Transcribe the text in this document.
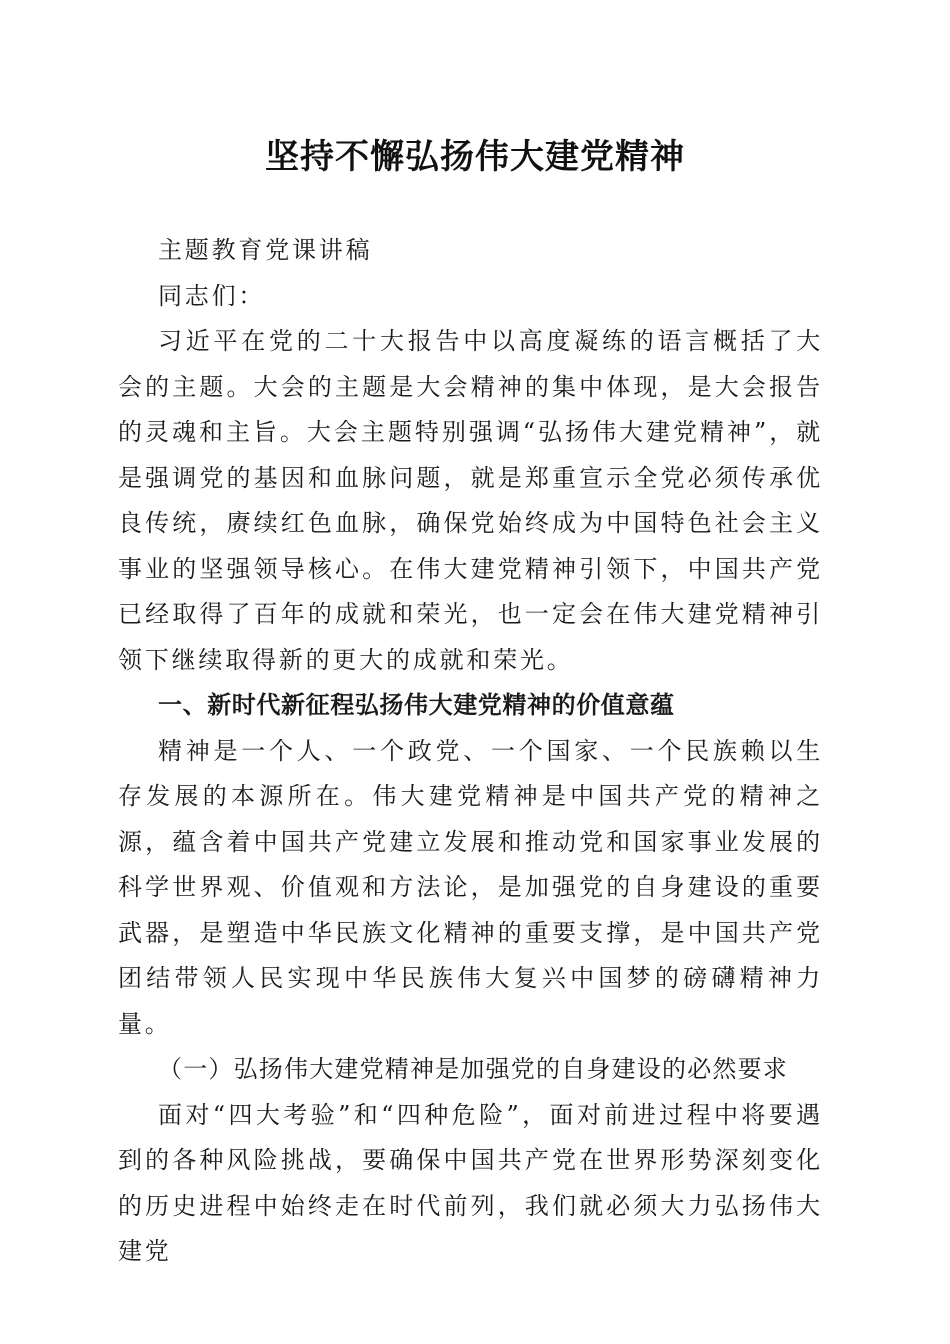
坚持不懈弘扬伟大建党精神

主题教育党课讲稿

同志们：

习近平在党的二十大报告中以高度凝练的语言概括了大会的主题。大会的主题是大会精神的集中体现，是大会报告的灵魂和主旨。大会主题特别强调“弘扬伟大建党精神”，就是强调党的基因和血脉问题，就是郑重宣示全党必须传承优良传统，赓续红色血脉，确保党始终成为中国特色社会主义事业的坚强领导核心。在伟大建党精神引领下，中国共产党已经取得了百年的成就和荣光，也一定会在伟大建党精神引领下继续取得新的更大的成就和荣光。

一、新时代新征程弘扬伟大建党精神的价值意蕴

精神是一个人、一个政党、一个国家、一个民族赖以生存发展的本源所在。伟大建党精神是中国共产党的精神之源，蕴含着中国共产党建立发展和推动党和国家事业发展的科学世界观、价值观和方法论，是加强党的自身建设的重要武器，是塑造中华民族文化精神的重要支撑，是中国共产党团结带领人民实现中华民族伟大复兴中国梦的磅礴精神力量。

（一）弘扬伟大建党精神是加强党的自身建设的必然要求

面对“四大考验”和“四种危险”，面对前进过程中将要遇到的各种风险挑战，要确保中国共产党在世界形势深刻变化的历史进程中始终走在时代前列，我们就必须大力弘扬伟大建党
